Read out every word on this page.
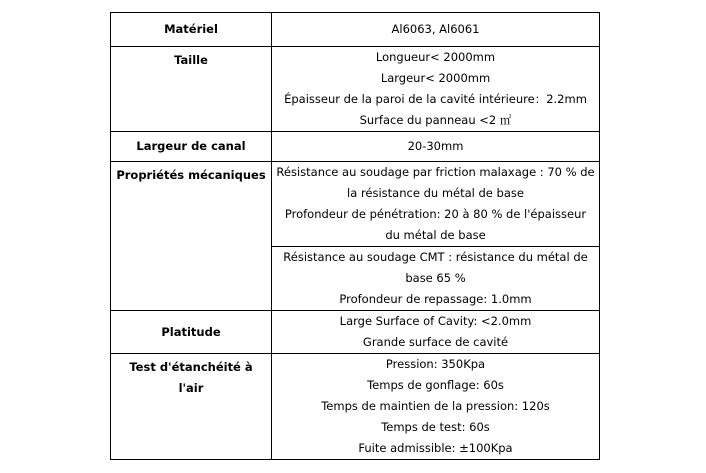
Matériel	Al6063, Al6061

Taille	Longueur< 2000mm
Largeur< 2000mm
Épaisseur de la paroi de la cavité intérieure：2.2mm
Surface du panneau <2 ㎡

Largeur de canal	20-30mm

Propriétés mécaniques	Résistance au soudage par friction malaxage : 70 % de la résistance du métal de base
Profondeur de pénétration: 20 à 80 % de l'épaisseur du métal de base

	Résistance au soudage CMT : résistance du métal de base 65 %
Profondeur de repassage: 1.0mm

Platitude	Large Surface of Cavity: <2.0mm
Grande surface de cavité

Test d'étanchéité à l'air	Pression: 350Kpa
Temps de gonflage: 60s
Temps de maintien de la pression: 120s
Temps de test: 60s
Fuite admissible: ±100Kpa
